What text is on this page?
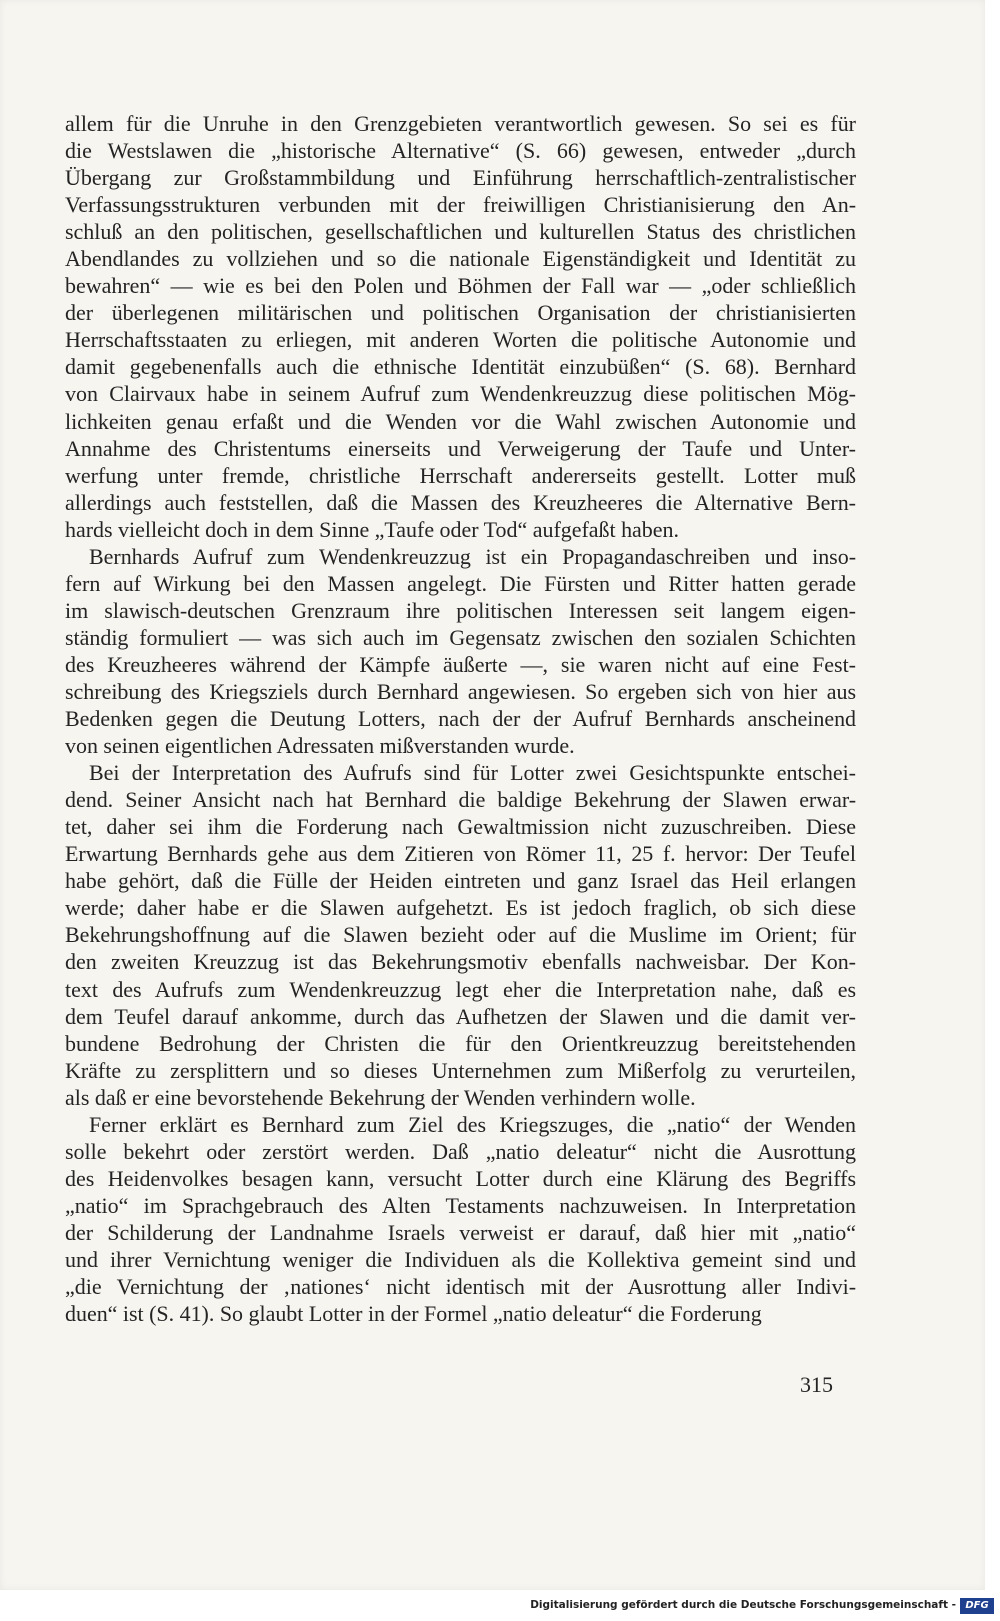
allem für die Unruhe in den Grenzgebieten verantwortlich gewesen. So sei es für
die Westslawen die „historische Alternative“ (S. 66) gewesen, entweder „durch
Übergang zur Großstammbildung und Einführung herrschaftlich-zentralistischer
Verfassungsstrukturen verbunden mit der freiwilligen Christianisierung den An-
schluß an den politischen, gesellschaftlichen und kulturellen Status des christlichen
Abendlandes zu vollziehen und so die nationale Eigenständigkeit und Identität zu
bewahren“ — wie es bei den Polen und Böhmen der Fall war — „oder schließlich
der überlegenen militärischen und politischen Organisation der christianisierten
Herrschaftsstaaten zu erliegen, mit anderen Worten die politische Autonomie und
damit gegebenenfalls auch die ethnische Identität einzubüßen“ (S. 68). Bernhard
von Clairvaux habe in seinem Aufruf zum Wendenkreuzzug diese politischen Mög-
lichkeiten genau erfaßt und die Wenden vor die Wahl zwischen Autonomie und
Annahme des Christentums einerseits und Verweigerung der Taufe und Unter-
werfung unter fremde, christliche Herrschaft andererseits gestellt. Lotter muß
allerdings auch feststellen, daß die Massen des Kreuzheeres die Alternative Bern-
hards vielleicht doch in dem Sinne „Taufe oder Tod“ aufgefaßt haben.
Bernhards Aufruf zum Wendenkreuzzug ist ein Propagandaschreiben und inso-
fern auf Wirkung bei den Massen angelegt. Die Fürsten und Ritter hatten gerade
im slawisch-deutschen Grenzraum ihre politischen Interessen seit langem eigen-
ständig formuliert — was sich auch im Gegensatz zwischen den sozialen Schichten
des Kreuzheeres während der Kämpfe äußerte —, sie waren nicht auf eine Fest-
schreibung des Kriegsziels durch Bernhard angewiesen. So ergeben sich von hier aus
Bedenken gegen die Deutung Lotters, nach der der Aufruf Bernhards anscheinend
von seinen eigentlichen Adressaten mißverstanden wurde.
Bei der Interpretation des Aufrufs sind für Lotter zwei Gesichtspunkte entschei-
dend. Seiner Ansicht nach hat Bernhard die baldige Bekehrung der Slawen erwar-
tet, daher sei ihm die Forderung nach Gewaltmission nicht zuzuschreiben. Diese
Erwartung Bernhards gehe aus dem Zitieren von Römer 11, 25 f. hervor: Der Teufel
habe gehört, daß die Fülle der Heiden eintreten und ganz Israel das Heil erlangen
werde; daher habe er die Slawen aufgehetzt. Es ist jedoch fraglich, ob sich diese
Bekehrungshoffnung auf die Slawen bezieht oder auf die Muslime im Orient; für
den zweiten Kreuzzug ist das Bekehrungsmotiv ebenfalls nachweisbar. Der Kon-
text des Aufrufs zum Wendenkreuzzug legt eher die Interpretation nahe, daß es
dem Teufel darauf ankomme, durch das Aufhetzen der Slawen und die damit ver-
bundene Bedrohung der Christen die für den Orientkreuzzug bereitstehenden
Kräfte zu zersplittern und so dieses Unternehmen zum Mißerfolg zu verurteilen,
als daß er eine bevorstehende Bekehrung der Wenden verhindern wolle.
Ferner erklärt es Bernhard zum Ziel des Kriegszuges, die „natio“ der Wenden
solle bekehrt oder zerstört werden. Daß „natio deleatur“ nicht die Ausrottung
des Heidenvolkes besagen kann, versucht Lotter durch eine Klärung des Begriffs
„natio“ im Sprachgebrauch des Alten Testaments nachzuweisen. In Interpretation
der Schilderung der Landnahme Israels verweist er darauf, daß hier mit „natio“
und ihrer Vernichtung weniger die Individuen als die Kollektiva gemeint sind und
„die Vernichtung der ‚nationes‘ nicht identisch mit der Ausrottung aller Indivi-
duen“ ist (S. 41). So glaubt Lotter in der Formel „natio deleatur“ die Forderung
315
Digitalisierung gefördert durch die Deutsche Forschungsgemeinschaft - DFG
